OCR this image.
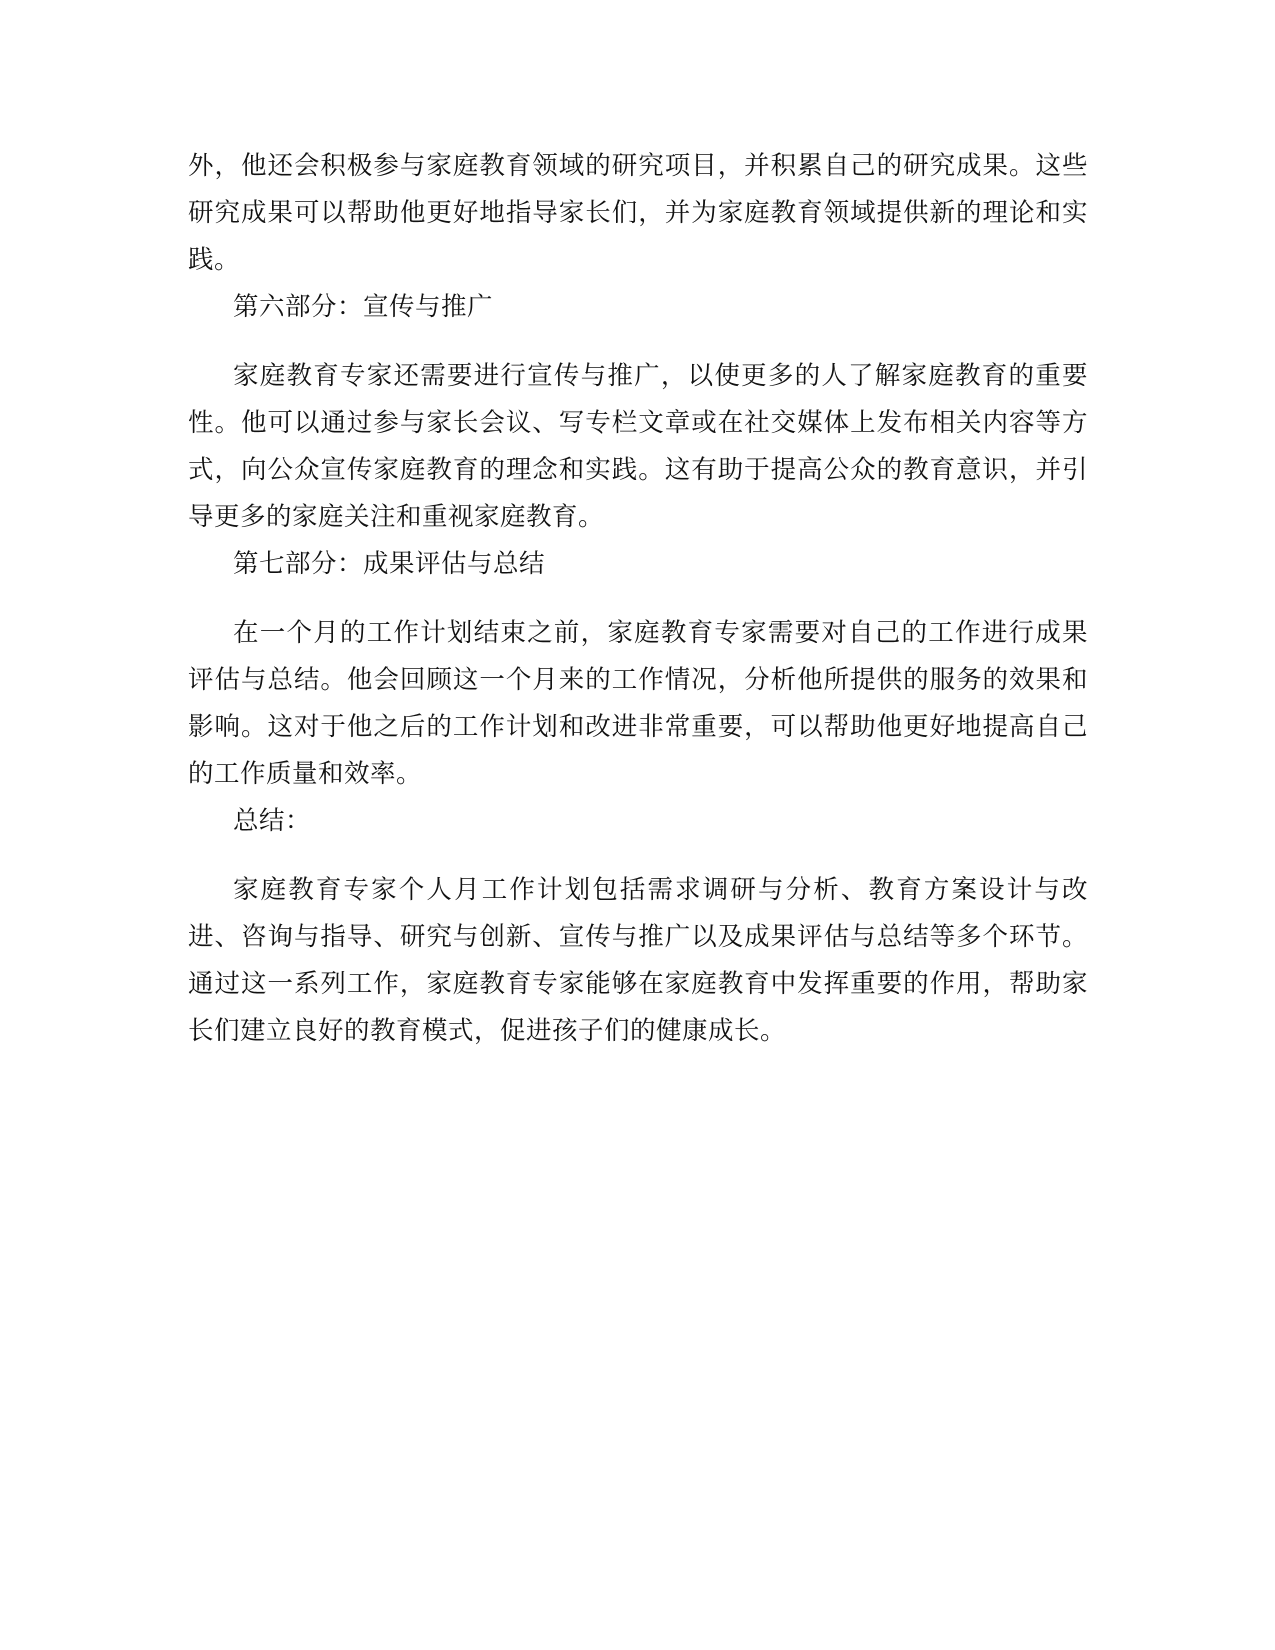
外，他还会积极参与家庭教育领域的研究项目，并积累自己的研究成果。这些研究成果可以帮助他更好地指导家长们，并为家庭教育领域提供新的理论和实践。

第六部分：宣传与推广

家庭教育专家还需要进行宣传与推广，以使更多的人了解家庭教育的重要性。他可以通过参与家长会议、写专栏文章或在社交媒体上发布相关内容等方式，向公众宣传家庭教育的理念和实践。这有助于提高公众的教育意识，并引导更多的家庭关注和重视家庭教育。

第七部分：成果评估与总结

在一个月的工作计划结束之前，家庭教育专家需要对自己的工作进行成果评估与总结。他会回顾这一个月来的工作情况，分析他所提供的服务的效果和影响。这对于他之后的工作计划和改进非常重要，可以帮助他更好地提高自己的工作质量和效率。

总结：

家庭教育专家个人月工作计划包括需求调研与分析、教育方案设计与改进、咨询与指导、研究与创新、宣传与推广以及成果评估与总结等多个环节。通过这一系列工作，家庭教育专家能够在家庭教育中发挥重要的作用，帮助家长们建立良好的教育模式，促进孩子们的健康成长。
